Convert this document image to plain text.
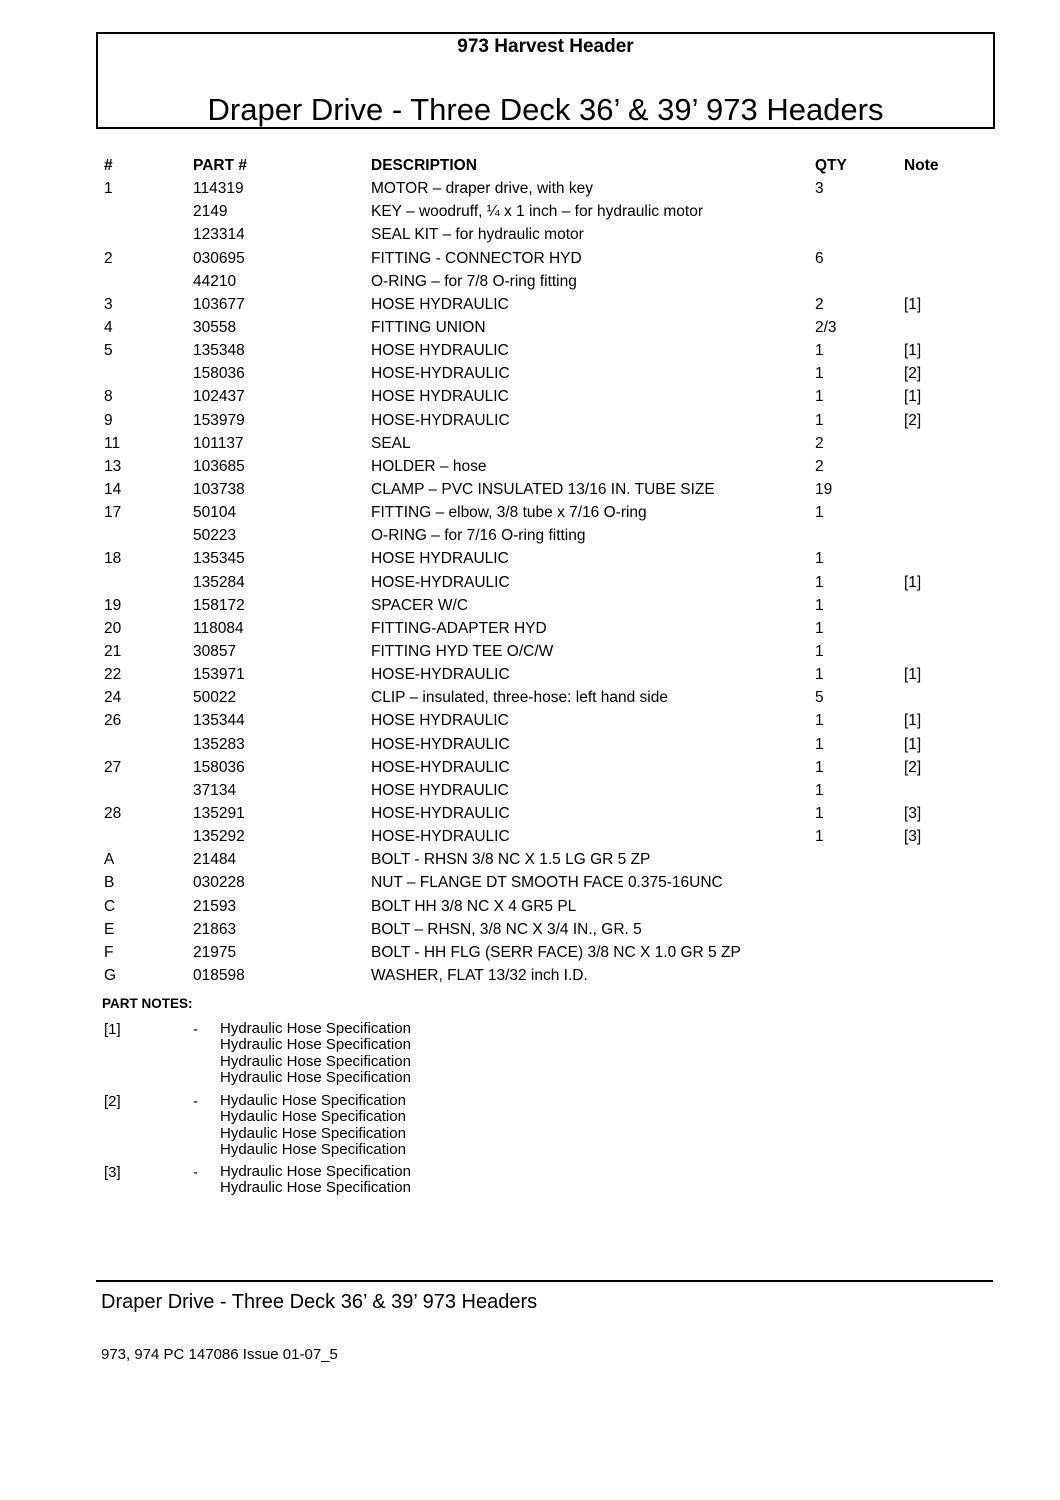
973 Harvest Header
Draper Drive - Three Deck 36’ & 39’ 973 Headers
#	PART #	DESCRIPTION	QTY	Note
1	114319	MOTOR – draper drive, with key	3
2149	KEY – woodruff, ¼ x 1 inch – for hydraulic motor
123314	SEAL KIT – for hydraulic motor
2	030695	FITTING - CONNECTOR HYD	6
44210	O-RING – for 7/8 O-ring fitting
3	103677	HOSE HYDRAULIC	2	[1]
4	30558	FITTING UNION	2/3
5	135348	HOSE HYDRAULIC	1	[1]
158036	HOSE-HYDRAULIC	1	[2]
8	102437	HOSE HYDRAULIC	1	[1]
9	153979	HOSE-HYDRAULIC	1	[2]
11	101137	SEAL	2
13	103685	HOLDER – hose	2
14	103738	CLAMP – PVC INSULATED 13/16 IN. TUBE SIZE	19
17	50104	FITTING – elbow, 3/8 tube x 7/16 O-ring	1
50223	O-RING – for 7/16 O-ring fitting
18	135345	HOSE HYDRAULIC	1
135284	HOSE-HYDRAULIC	1	[1]
19	158172	SPACER W/C	1
20	118084	FITTING-ADAPTER HYD	1
21	30857	FITTING HYD TEE O/C/W	1
22	153971	HOSE-HYDRAULIC	1	[1]
24	50022	CLIP – insulated, three-hose: left hand side	5
26	135344	HOSE HYDRAULIC	1	[1]
135283	HOSE-HYDRAULIC	1	[1]
27	158036	HOSE-HYDRAULIC	1	[2]
37134	HOSE HYDRAULIC	1
28	135291	HOSE-HYDRAULIC	1	[3]
135292	HOSE-HYDRAULIC	1	[3]
A	21484	BOLT - RHSN 3/8 NC X 1.5 LG GR 5 ZP
B	030228	NUT – FLANGE DT SMOOTH FACE 0.375-16UNC
C	21593	BOLT HH 3/8 NC X 4 GR5 PL
E	21863	BOLT – RHSN, 3/8 NC X 3/4 IN., GR. 5
F	21975	BOLT - HH FLG (SERR FACE) 3/8 NC X 1.0 GR 5 ZP
G	018598	WASHER, FLAT 13/32 inch I.D.
PART NOTES:
[1]	- Hydraulic Hose Specification
Hydraulic Hose Specification
Hydraulic Hose Specification
Hydraulic Hose Specification
[2]	- Hydaulic Hose Specification
Hydaulic Hose Specification
Hydaulic Hose Specification
Hydaulic Hose Specification
[3]	- Hydraulic Hose Specification
Hydraulic Hose Specification
Draper Drive - Three Deck 36’ & 39’ 973 Headers
973, 974 PC 147086 Issue 01-07_5
